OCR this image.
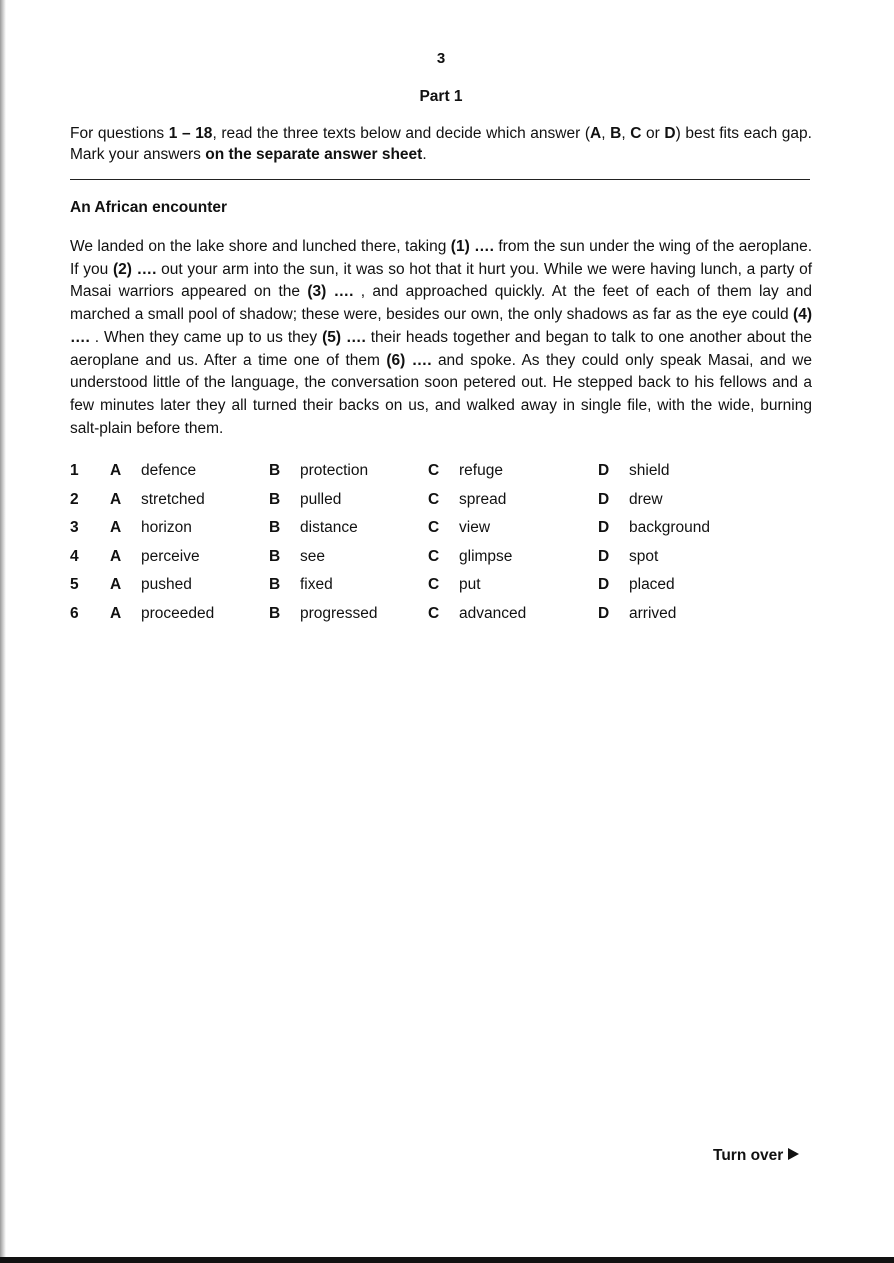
3
Part 1
For questions 1 – 18, read the three texts below and decide which answer (A, B, C or D) best fits each gap. Mark your answers on the separate answer sheet.
An African encounter
We landed on the lake shore and lunched there, taking (1) …. from the sun under the wing of the aeroplane. If you (2) …. out your arm into the sun, it was so hot that it hurt you. While we were having lunch, a party of Masai warriors appeared on the (3) …. , and approached quickly. At the feet of each of them lay and marched a small pool of shadow; these were, besides our own, the only shadows as far as the eye could (4) …. . When they came up to us they (5) …. their heads together and began to talk to one another about the aeroplane and us. After a time one of them (6) …. and spoke. As they could only speak Masai, and we understood little of the language, the conversation soon petered out. He stepped back to his fellows and a few minutes later they all turned their backs on us, and walked away in single file, with the wide, burning salt-plain before them.
1 A defence	B protection	C refuge	D shield
2 A stretched	B pulled	C spread	D drew
3 A horizon	B distance	C view	D background
4 A perceive	B see	C glimpse	D spot
5 A pushed	B fixed	C put	D placed
6 A proceeded	B progressed	C advanced	D arrived
Turn over
